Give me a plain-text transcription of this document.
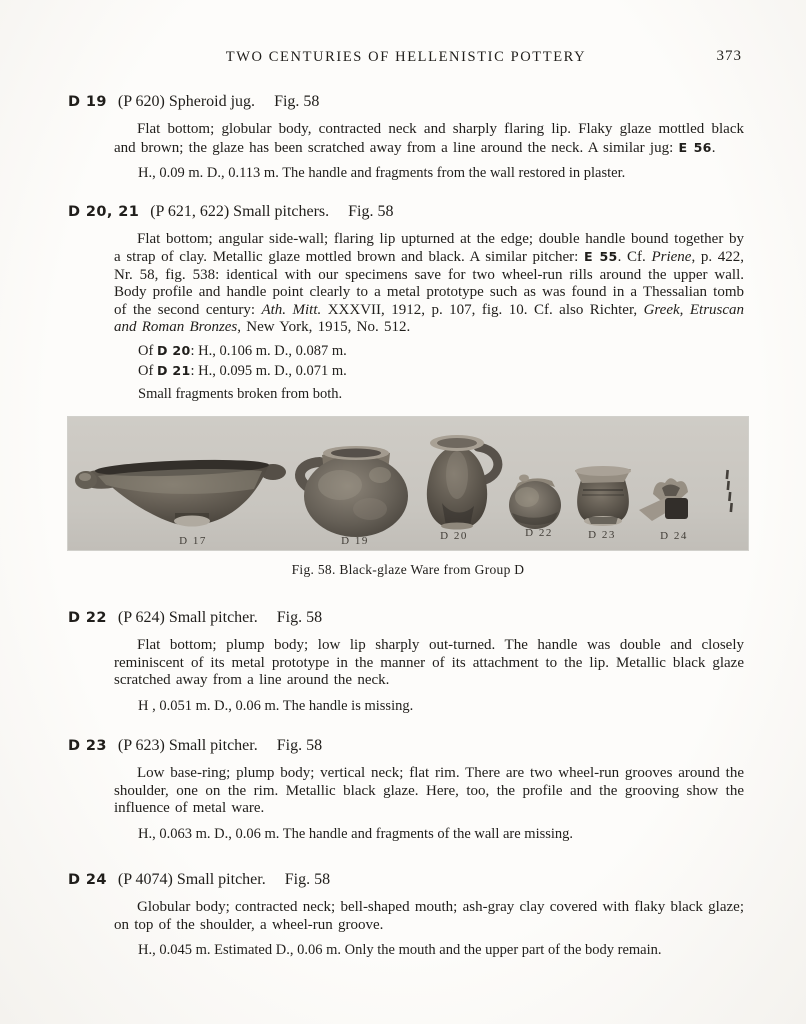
TWO CENTURIES OF HELLENISTIC POTTERY	373
D 19 (P 620) Spheroid jug. Fig. 58

Flat bottom; globular body, contracted neck and sharply flaring lip. Flaky glaze mottled black and brown; the glaze has been scratched away from a line around the neck. A similar jug: E 56.

H., 0.09 m. D., 0.113 m. The handle and fragments from the wall restored in plaster.

D 20, 21 (P 621, 622) Small pitchers. Fig. 58

Flat bottom; angular side-wall; flaring lip upturned at the edge; double handle bound together by a strap of clay. Metallic glaze mottled brown and black. A similar pitcher: E 55. Cf. Priene, p. 422, Nr. 58, fig. 538: identical with our specimens save for two wheel-run rills around the upper wall. Body profile and handle point clearly to a metal prototype such as was found in a Thessalian tomb of the second century: Ath. Mitt. XXXVII, 1912, p. 107, fig. 10. Cf. also Richter, Greek, Etruscan and Roman Bronzes, New York, 1915, No. 512.

Of D 20: H., 0.106 m. D., 0.087 m.

Of D 21: H., 0.095 m. D., 0.071 m.

Small fragments broken from both.

D 17	D 19	D 20	D 22	D 23	D 24
Fig. 58. Black-glaze Ware from Group D
D 22 (P 624) Small pitcher. Fig. 58

Flat bottom; plump body; low lip sharply out-turned. The handle was double and closely reminiscent of its metal prototype in the manner of its attachment to the lip. Metallic black glaze scratched away from a line around the neck.

H , 0.051 m. D., 0.06 m. The handle is missing.

D 23 (P 623) Small pitcher. Fig. 58

Low base-ring; plump body; vertical neck; flat rim. There are two wheel-run grooves around the shoulder, one on the rim. Metallic black glaze. Here, too, the profile and the grooving show the influence of metal ware.

H., 0.063 m. D., 0.06 m. The handle and fragments of the wall are missing.

D 24 (P 4074) Small pitcher. Fig. 58

Globular body; contracted neck; bell-shaped mouth; ash-gray clay covered with flaky black glaze; on top of the shoulder, a wheel-run groove.

H., 0.045 m. Estimated D., 0.06 m. Only the mouth and the upper part of the body remain.
